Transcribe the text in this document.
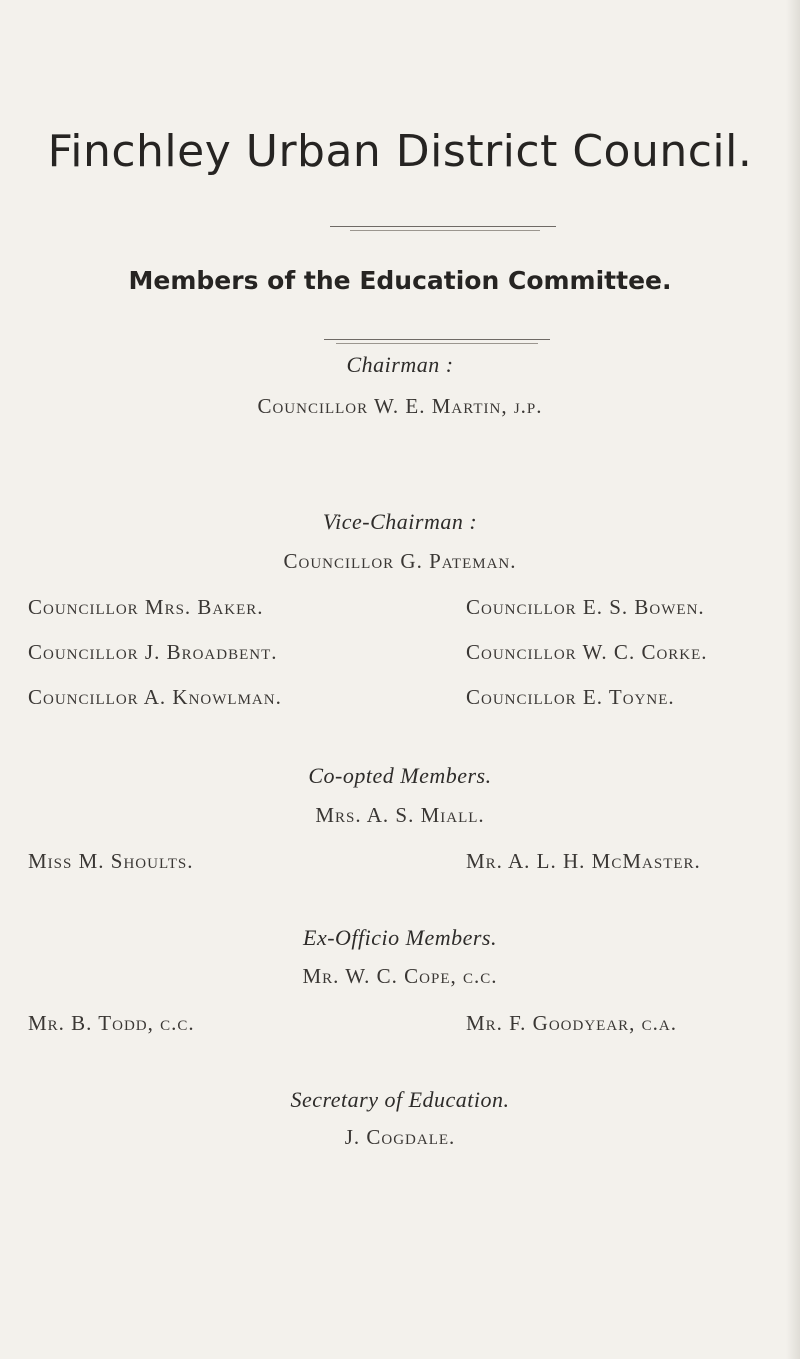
Finchley Urban District Council.
Members of the Education Committee.
Chairman :
Councillor W. E. Martin, j.p.
Vice-Chairman :
Councillor G. Pateman.
Councillor Mrs. Baker.	Councillor E. S. Bowen.
Councillor J. Broadbent.	Councillor W. C. Corke.
Councillor A. Knowlman.	Councillor E. Toyne.
Co-opted Members.
Mrs. A. S. Miall.
Miss M. Shoults.	Mr. A. L. H. McMaster.
Ex-Officio Members.
Mr. W. C. Cope, c.c.
Mr. B. Todd, c.c.	Mr. F. Goodyear, c.a.
Secretary of Education.
J. Cogdale.
